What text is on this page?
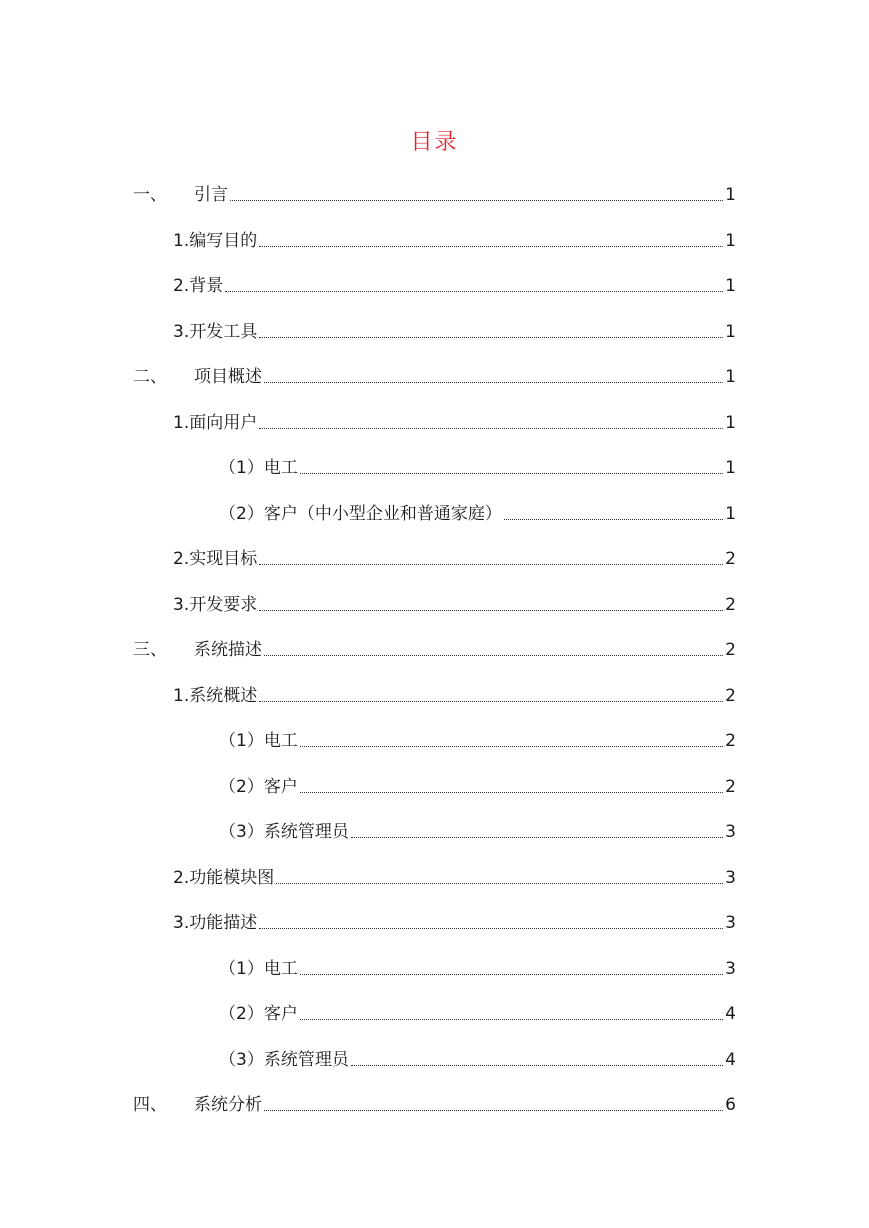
目录
一、	引言	1
1. 编写目的	1
2. 背景	1
3. 开发工具	1
二、	项目概述	1
1. 面向用户	1
（1） 电工	1
（2） 客户（中小型企业和普通家庭）	1
2. 实现目标	2
3. 开发要求	2
三、	系统描述	2
1. 系统概述	2
（1） 电工	2
（2） 客户	2
（3） 系统管理员	3
2. 功能模块图	3
3. 功能描述	3
（1） 电工	3
（2） 客户	4
（3） 系统管理员	4
四、	系统分析	6
